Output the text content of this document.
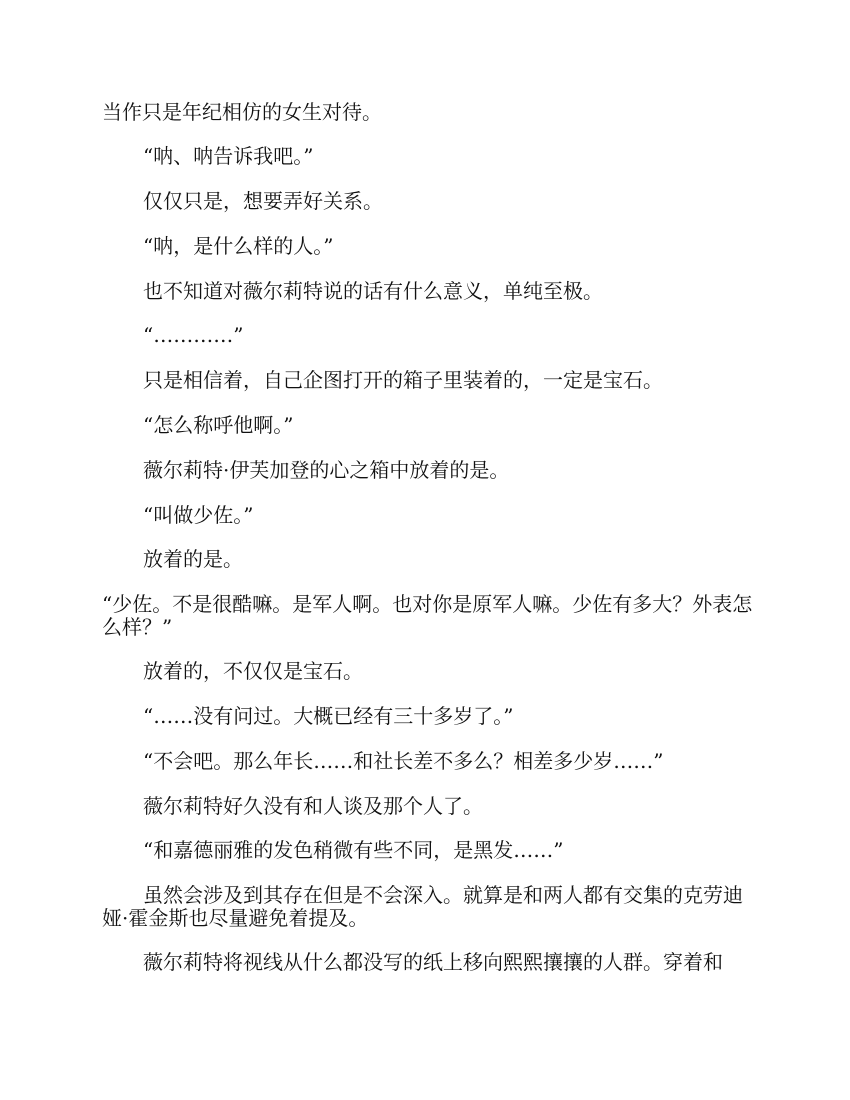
当作只是年纪相仿的女生对待。

“呐、呐告诉我吧。”

仅仅只是，想要弄好关系。

“呐，是什么样的人。”

也不知道对薇尔莉特说的话有什么意义，单纯至极。

“…………”

只是相信着，自己企图打开的箱子里装着的，一定是宝石。

“怎么称呼他啊。”

薇尔莉特·伊芙加登的心之箱中放着的是。

“叫做少佐。”

放着的是。

“少佐。不是很酷嘛。是军人啊。也对你是原军人嘛。少佐有多大？外表怎么样？”

放着的，不仅仅是宝石。

“……没有问过。大概已经有三十多岁了。”

“不会吧。那么年长……和社长差不多么？相差多少岁……”

薇尔莉特好久没有和人谈及那个人了。

“和嘉德丽雅的发色稍微有些不同，是黑发……”

虽然会涉及到其存在但是不会深入。就算是和两人都有交集的克劳迪娅·霍金斯也尽量避免着提及。

薇尔莉特将视线从什么都没写的纸上移向熙熙攘攘的人群。穿着和
